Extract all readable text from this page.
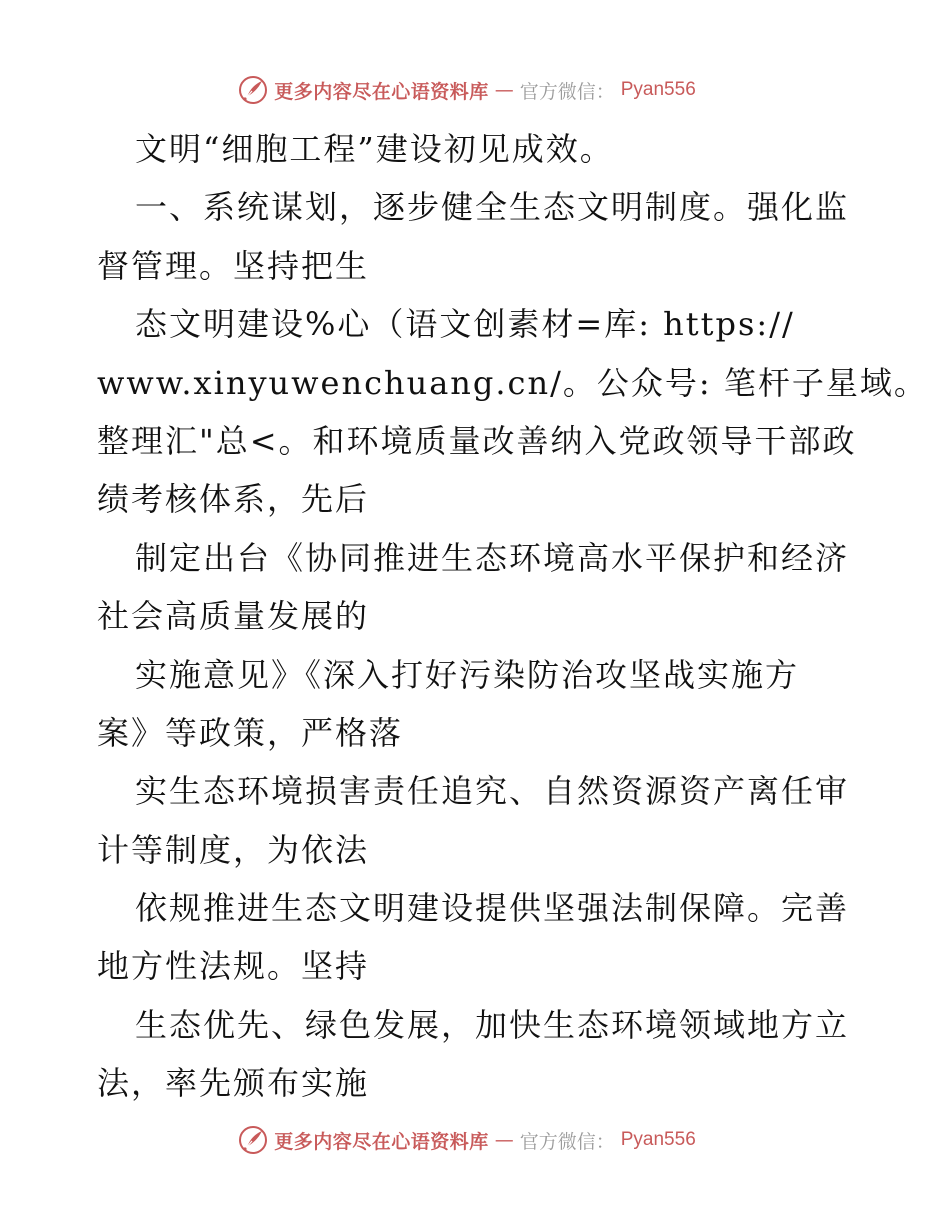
更多内容尽在心语资料库 — 官方微信： Pyan556
文明“细胞工程”建设初见成效。
一、系统谋划，逐步健全生态文明制度。强化监
督管理。坚持把生
态文明建设%心（语文创素材=库: https://
www.xinyuwenchuang.cn/。公众号: 笔杆子星域。
整理汇"总<。和环境质量改善纳入党政领导干部政
绩考核体系，先后
制定出台《协同推进生态环境高水平保护和经济
社会高质量发展的
实施意见》《深入打好污染防治攻坚战实施方
案》等政策，严格落
实生态环境损害责任追究、自然资源资产离任审
计等制度，为依法
依规推进生态文明建设提供坚强法制保障。完善
地方性法规。坚持
生态优先、绿色发展，加快生态环境领域地方立
法，率先颁布实施
更多内容尽在心语资料库 — 官方微信： Pyan556
